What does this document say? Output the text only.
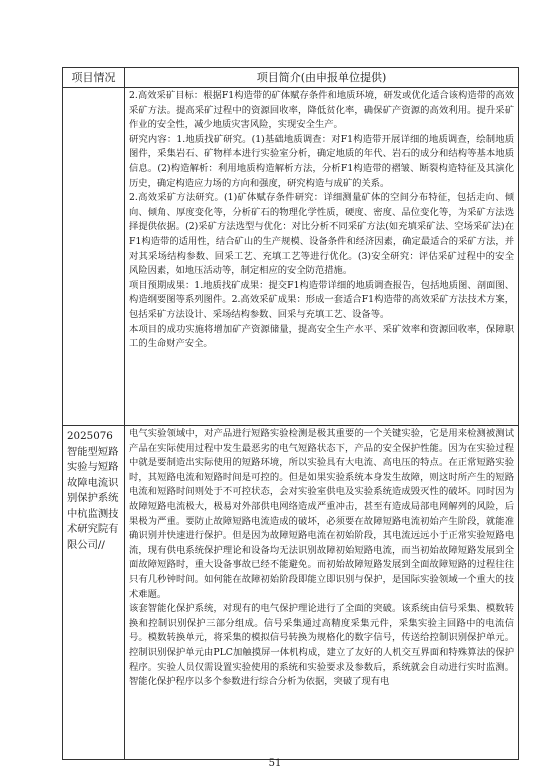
项目情况	项目简介(由申报单位提供)

2.高效采矿目标：根据F1构造带的矿体赋存条件和地质环境，研发或优化适合该构造带的高效采矿方法。提高采矿过程中的资源回收率，降低贫化率，确保矿产资源的高效利用。提升采矿作业的安全性，减少地质灾害风险，实现安全生产。

研究内容：1.地质找矿研究。(1)基础地质调查：对F1构造带开展详细的地质调查，绘制地质图件，采集岩石、矿物样本进行实验室分析，确定地质的年代、岩石的成分和结构等基本地质信息。(2)构造解析：利用地质构造解析方法，分析F1构造带的褶皱、断裂构造特征及其演化历史，确定构造应力场的方向和强度，研究构造与成矿的关系。

2.高效采矿方法研究。(1)矿体赋存条件研究：详细测量矿体的空间分布特征，包括走向、倾向、倾角、厚度变化等，分析矿石的物理化学性质，硬度、密度、品位变化等，为采矿方法选择提供依据。(2)采矿方法选型与优化：对比分析不同采矿方法(如充填采矿法、空场采矿法)在F1构造带的适用性，结合矿山的生产规模、设备条件和经济因素，确定最适合的采矿方法，并对其采场结构参数、回采工艺、充填工艺等进行优化。(3)安全研究：评估采矿过程中的安全风险因素，如地压活动等，制定相应的安全防范措施。

项目预期成果：1.地质找矿成果：提交F1构造带详细的地质调查报告，包括地质图、剖面图、构造纲要图等系列图件。2.高效采矿成果：形成一套适合F1构造带的高效采矿方法技术方案，包括采矿方法设计、采场结构参数、回采与充填工艺、设备等。

本项目的成功实施将增加矿产资源储量，提高安全生产水平、采矿效率和资源回收率，保障职工的生命财产安全。

2025076智能型短路实验与短路故障电流识别保护系统中杭监测技术研究院有限公司//

电气实验领域中，对产品进行短路实验检测是极其重要的一个关键实验，它是用来检测被测试产品在实际使用过程中发生最恶劣的电气短路状态下，产品的安全保护性能。因为在实验过程中就是要制造出实际使用的短路环境，所以实验具有大电流、高电压的特点。在正常短路实验时，其短路电流和短路时间是可控的。但是如果实验系统本身发生故障，则这时所产生的短路电流和短路时间则处于不可控状态，会对实验室供电及实验系统造成毁灭性的破坏。同时因为故障短路电流极大，极易对外部供电网络造成严重冲击，甚至有造成局部电网解列的风险，后果极为严重。要防止故障短路电流造成的破坏，必须要在故障短路电流初始产生阶段，就能准确识别并快速进行保护。但是因为故障短路电流在初始阶段，其电流远远小于正常实验短路电流，现有供电系统保护理论和设备均无法识别故障初始短路电流，而当初始故障短路发展到全面故障短路时，重大设备事故已经不能避免。而初始故障短路发展到全面故障短路的过程往往只有几秒钟时间。如何能在故障初始阶段即能立即识别与保护，是国际实验领域一个重大的技术难题。

该套智能化保护系统，对现有的电气保护理论进行了全面的突破。该系统由信号采集、模数转换和控制识别保护三部分组成。信号采集通过高精度采集元件，采集实验主回路中的电流信号。模数转换单元，将采集的模拟信号转换为规格化的数字信号，传送给控制识别保护单元。控制识别保护单元由PLC加触摸屏一体机构成，建立了友好的人机交互界面和特殊算法的保护程序。实验人员仅需设置实验使用的系统和实验要求及参数后，系统就会自动进行实时监测。智能化保护程序以多个参数进行综合分析为依据，突破了现有电

51
